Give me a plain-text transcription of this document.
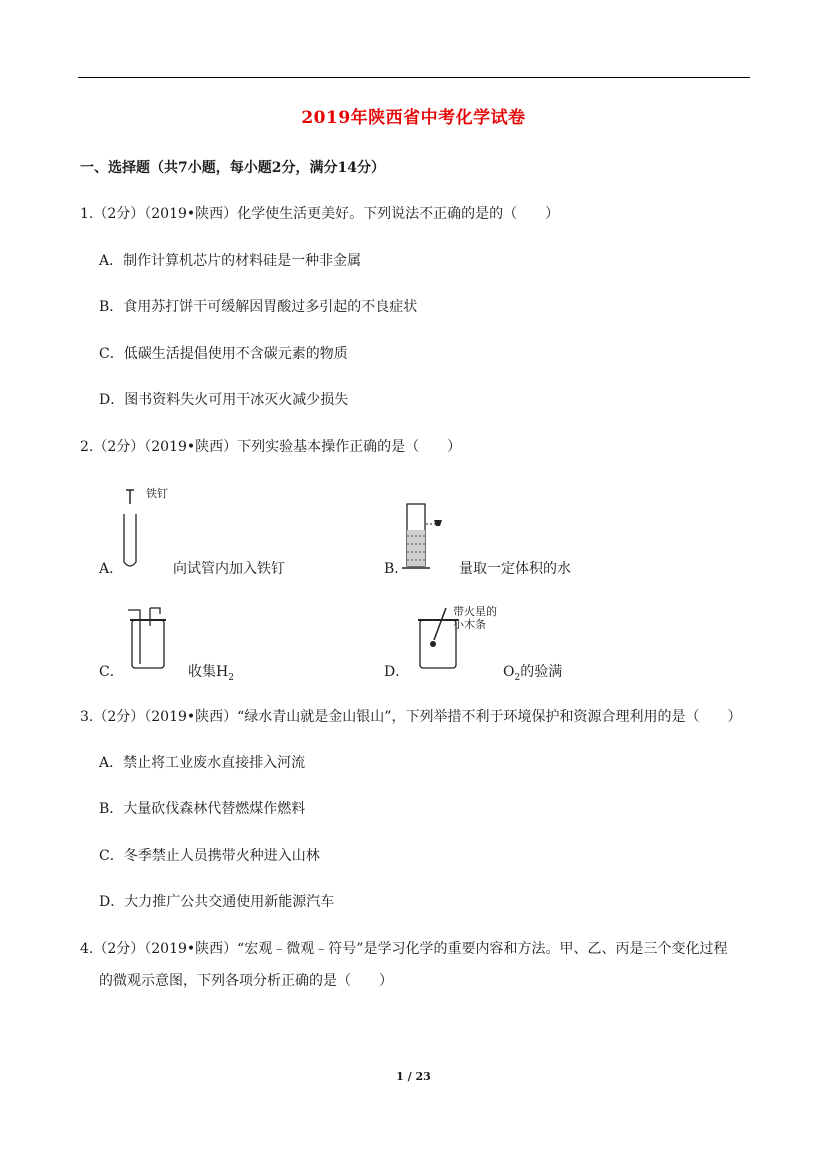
2019年陕西省中考化学试卷
一、选择题（共7小题，每小题2分，满分14分）
1.（2分）（2019•陕西）化学使生活更美好。下列说法不正确的是的（　　）
A．制作计算机芯片的材料硅是一种非金属
B．食用苏打饼干可缓解因胃酸过多引起的不良症状
C．低碳生活提倡使用不含碳元素的物质
D．图书资料失火可用干冰灭火减少损失
2.（2分）（2019•陕西）下列实验基本操作正确的是（　　）
铁钉
A．	向试管内加入铁钉	B．	量取一定体积的水
C．	收集$H_2$
带火星的
小木条
D．	$O_2$的验满
3.（2分）（2019•陕西）“绿水青山就是金山银山”，下列举措不利于环境保护和资源合理利用的是（　　）
A．禁止将工业废水直接排入河流
B．大量砍伐森林代替燃煤作燃料
C．冬季禁止人员携带火种进入山林
D．大力推广公共交通使用新能源汽车
4.（2分）（2019•陕西）“宏观﹣微观﹣符号”是学习化学的重要内容和方法。甲、乙、丙是三个变化过程
的微观示意图，下列各项分析正确的是（　　）
1 / 23
